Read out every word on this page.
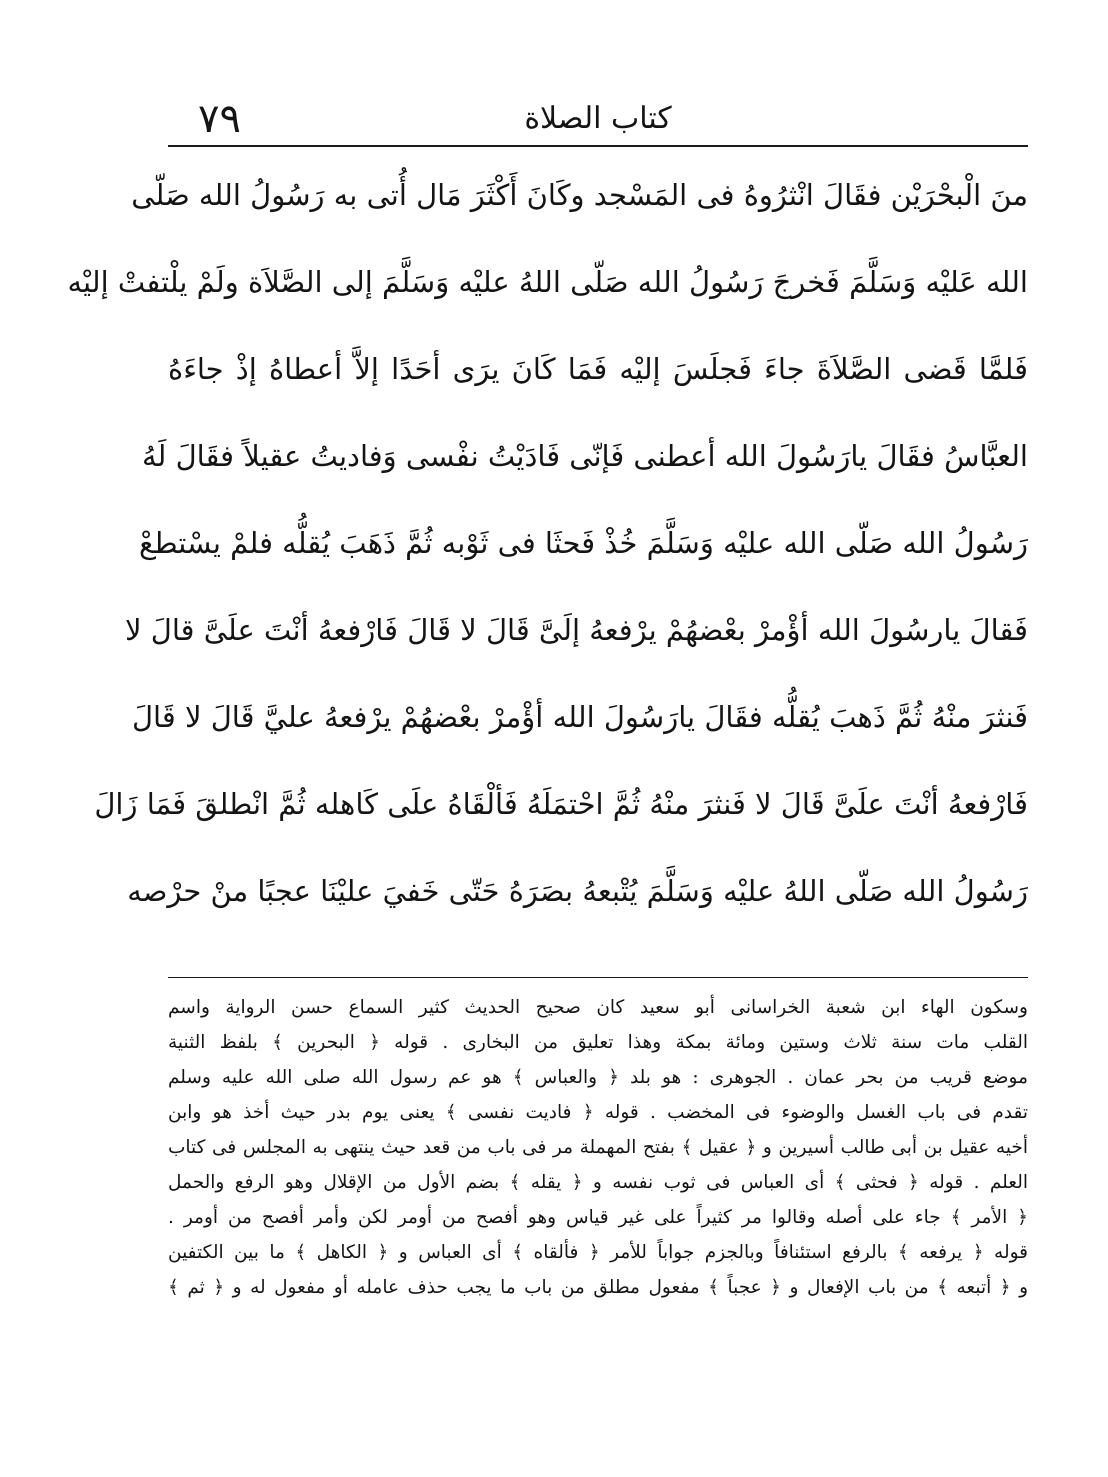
كتاب الصلاة
٧٩
منَ الْبحْرَيْن فقَالَ انْثرُوهُ فى المَسْجد وكَانَ أَكْثَرَ مَال أُتى به رَسُولُ الله صَلّى
الله عَليْه وَسَلَّمَ فَخرجَ رَسُولُ الله صَلّى اللهُ عليْه وَسَلَّمَ إلى الصَّلاَة ولَمْ يلْتفتْ إليْه
فَلمَّا قَضى الصَّلاَةَ جاءَ فَجلَسَ إليْه فَمَا كَانَ يرَى أحَدًا إلاَّ أعطاهُ إذْ جاءَهُ
العبَّاسُ فقَالَ يارَسُولَ الله أعطنى فَإنّى فَادَيْتُ نفْسى وَفاديتُ عقيلاً فقَالَ لَهُ
رَسُولُ الله صَلّى الله عليْه وَسَلَّمَ خُذْ فَحثَا فى ثَوْبه ثُمَّ ذَهَبَ يُقلُّه فلمْ يسْتطعْ
فَقالَ يارسُولَ الله أؤْمرْ بعْضهُمْ يرْفعهُ إلَىَّ قَالَ لا قَالَ فَارْفعهُ أنْتَ علَىَّ قالَ لا
فَنثرَ منْهُ ثُمَّ ذَهبَ يُقلُّه فقَالَ يارَسُولَ الله أؤْمرْ بعْضهُمْ يرْفعهُ عليَّ قَالَ لا قَالَ
فَارْفعهُ أنْتَ علَىَّ قَالَ لا فَنثرَ منْهُ ثُمَّ احْتمَلَهُ فَألْقَاهُ علَى كَاهله ثُمَّ انْطلقَ فَمَا زَالَ
رَسُولُ الله صَلّى اللهُ عليْه وَسَلَّمَ يُتْبعهُ بصَرَهُ حَتّى خَفيَ عليْنَا عجبًا منْ حرْصه
وسكون الهاء ابن شعبة الخراسانى أبو سعيد كان صحيح الحديث كثير السماع حسن الرواية واسم
القلب مات سنة ثلاث وستين ومائة بمكة وهذا تعليق من البخارى . قوله ﴿ البحرين ﴾ بلفظ الثنية
موضع قريب من بحر عمان . الجوهرى : هو بلد ﴿ والعباس ﴾ هو عم رسول الله صلى الله عليه وسلم
تقدم فى باب الغسل والوضوء فى المخضب . قوله ﴿ فاديت نفسى ﴾ يعنى يوم بدر حيث أخذ هو وابن
أخيه عقيل بن أبى طالب أسيرين و ﴿ عقيل ﴾ بفتح المهملة مر فى باب من قعد حيث ينتهى به المجلس فى كتاب
العلم . قوله ﴿ فحثى ﴾ أى العباس فى ثوب نفسه و ﴿ يقله ﴾ بضم الأول من الإقلال وهو الرفع والحمل
﴿ الأمر ﴾ جاء على أصله وقالوا مر كثيراً على غير قياس وهو أفصح من أومر لكن وأمر أفصح من أومر .
قوله ﴿ يرفعه ﴾ بالرفع استئنافاً وبالجزم جواباً للأمر ﴿ فألقاه ﴾ أى العباس و ﴿ الكاهل ﴾ ما بين الكتفين
و ﴿ أتبعه ﴾ من باب الإفعال و ﴿ عجباً ﴾ مفعول مطلق من باب ما يجب حذف عامله أو مفعول له و ﴿ ثم ﴾
